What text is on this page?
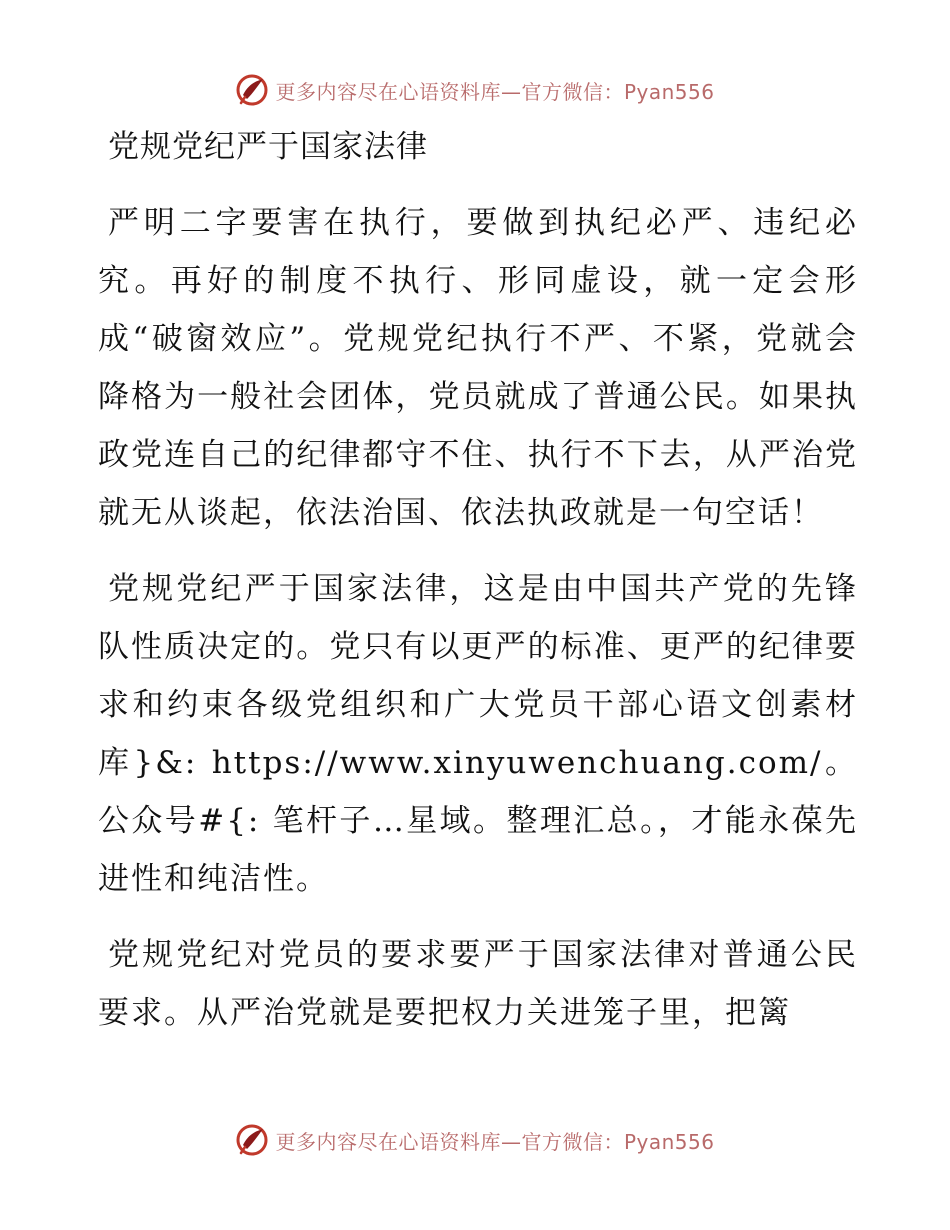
更多内容尽在心语资料库—官方微信：Pyan556
党规党纪严于国家法律

严明二字要害在执行，要做到执纪必严、违纪必究。再好的制度不执行、形同虚设，就一定会形成“破窗效应”。党规党纪执行不严、不紧，党就会降格为一般社会团体，党员就成了普通公民。如果执政党连自己的纪律都守不住、执行不下去，从严治党就无从谈起，依法治国、依法执政就是一句空话！

党规党纪严于国家法律，这是由中国共产党的先锋队性质决定的。党只有以更严的标准、更严的纪律要求和约束各级党组织和广大党员干部心语文创素材库}&: https://www.xinyuwenchuang.com/。公众号#{: 笔杆子…星域。整理汇总。，才能永葆先进性和纯洁性。

党规党纪对党员的要求要严于国家法律对普通公民要求。从严治党就是要把权力关进笼子里，把篱

更多内容尽在心语资料库—官方微信：Pyan556
